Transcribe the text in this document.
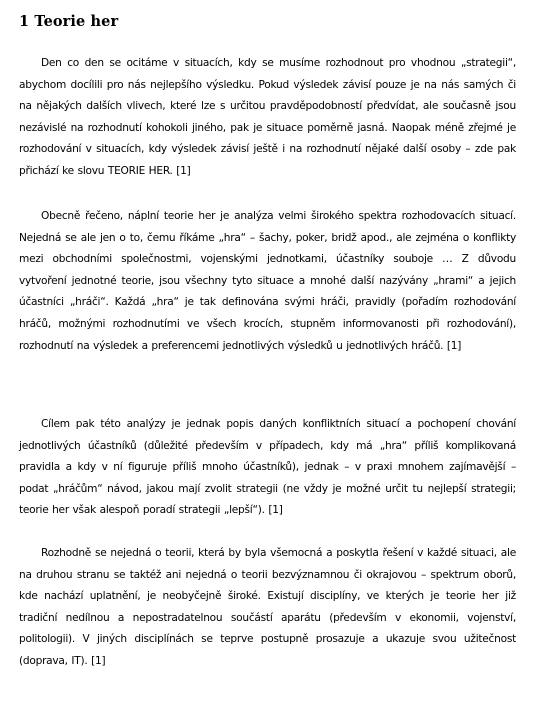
1 Teorie her

Den co den se ocitáme v situacích, kdy se musíme rozhodnout pro vhodnou „strategii“, abychom docílili pro nás nejlepšího výsledku. Pokud výsledek závisí pouze je na nás samých či na nějakých dalších vlivech, které lze s určitou pravděpodobností předvídat, ale současně jsou nezávislé na rozhodnutí kohokoli jiného, pak je situace poměrně jasná. Naopak méně zřejmé je rozhodování v situacích, kdy výsledek závisí ještě i na rozhodnutí nějaké další osoby – zde pak přichází ke slovu TEORIE HER. [1]

Obecně řečeno, náplní teorie her je analýza velmi širokého spektra rozhodovacích situací. Nejedná se ale jen o to, čemu říkáme „hra“ – šachy, poker, bridž apod., ale zejména o konflikty mezi obchodními společnostmi, vojenskými jednotkami, účastníky souboje … Z důvodu vytvoření jednotné teorie, jsou všechny tyto situace a mnohé další nazývány „hrami“ a jejich účastníci „hráči“. Každá „hra“ je tak definována svými hráči, pravidly (pořadím rozhodování hráčů, možnými rozhodnutími ve všech krocích, stupněm informovanosti při rozhodování), rozhodnutí na výsledek a preferencemi jednotlivých výsledků u jednotlivých hráčů. [1]

Cílem pak této analýzy je jednak popis daných konfliktních situací a pochopení chování jednotlivých účastníků (důležité především v případech, kdy má „hra“ příliš komplikovaná pravidla a kdy v ní figuruje příliš mnoho účastníků), jednak – v praxi mnohem zajímavější – podat „hráčům“ návod, jakou mají zvolit strategii (ne vždy je možné určit tu nejlepší strategii; teorie her však alespoň poradí strategii „lepší“). [1]

Rozhodně se nejedná o teorii, která by byla všemocná a poskytla řešení v každé situaci, ale na druhou stranu se taktéž ani nejedná o teorii bezvýznamnou či okrajovou – spektrum oborů, kde nachází uplatnění, je neobyčejně široké. Existují disciplíny, ve kterých je teorie her již tradiční nedílnou a nepostradatelnou součástí aparátu (především v ekonomii, vojenství, politologii). V jiných disciplínách se teprve postupně prosazuje a ukazuje svou užitečnost (doprava, IT). [1]
